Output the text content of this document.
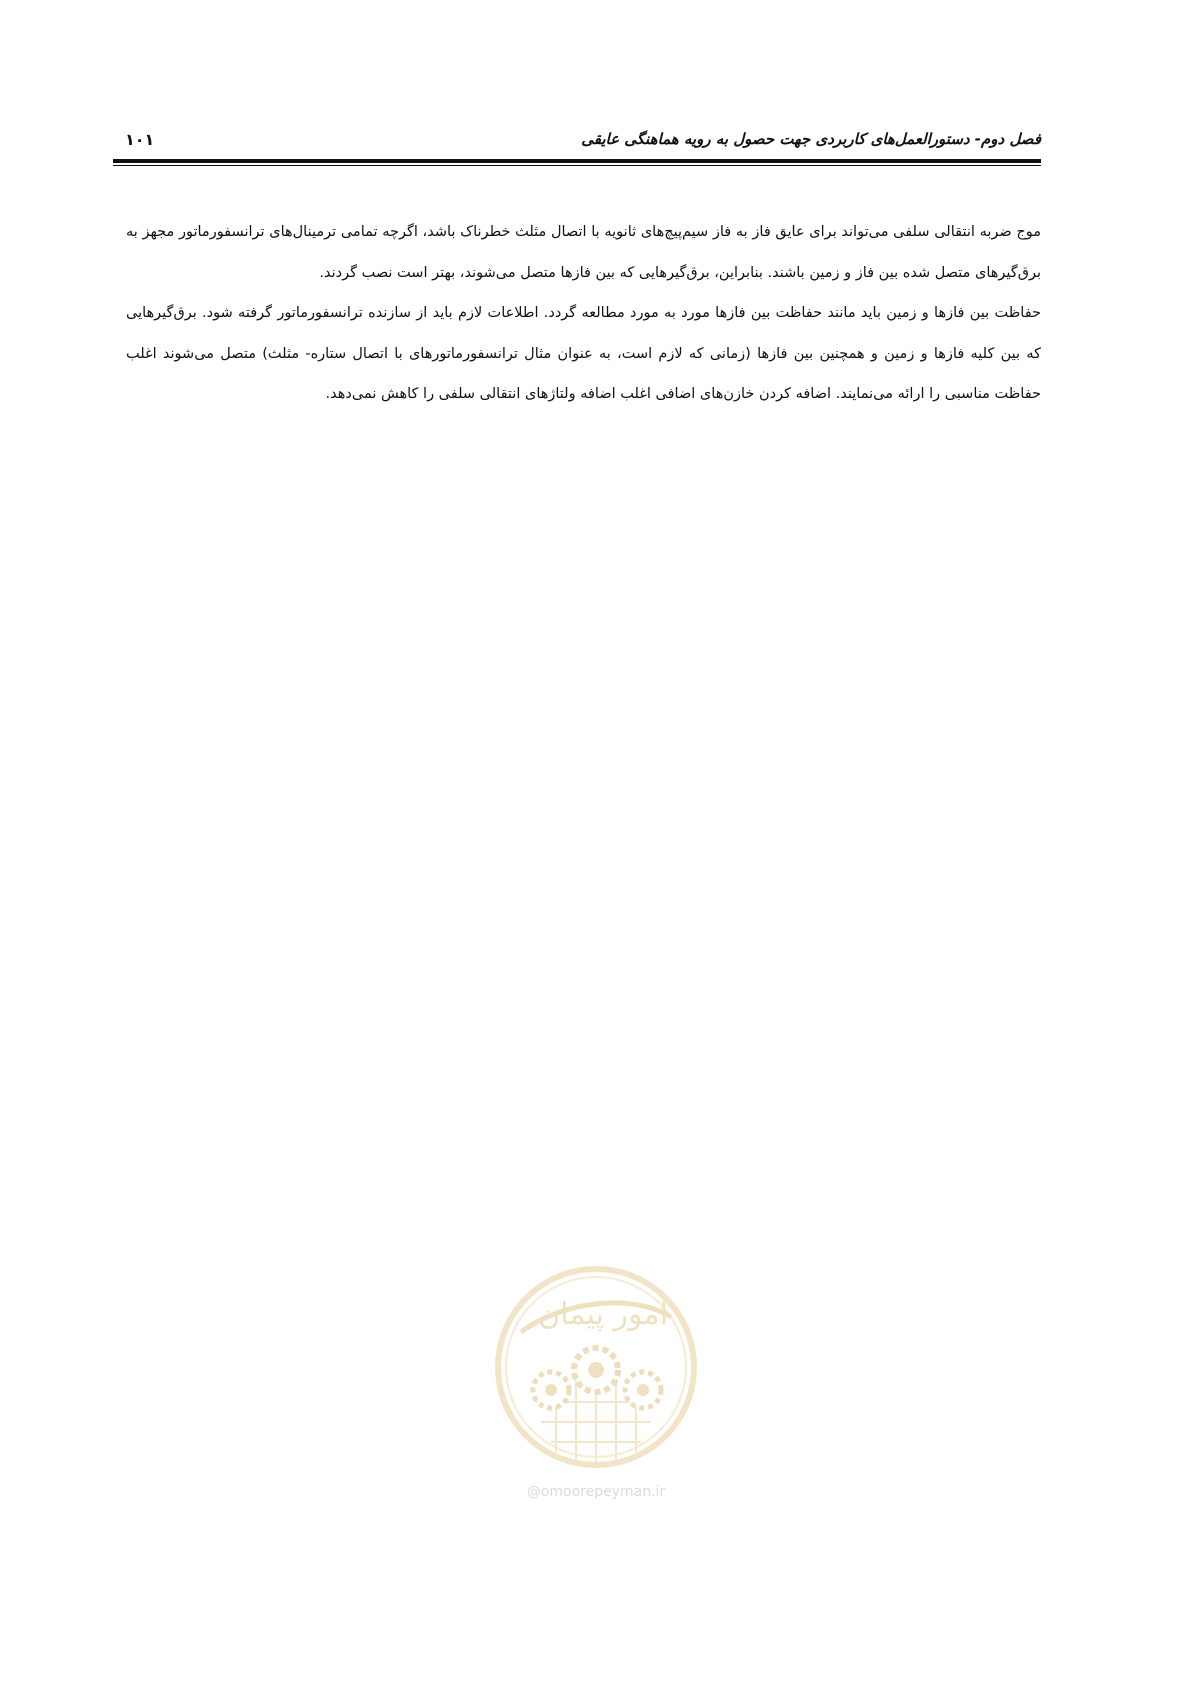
فصل دوم- دستورالعمل‌های کاربردی جهت حصول به رویه هماهنگی عایقی
۱۰۱

موج ضربه انتقالی سلفی می‌تواند برای عایق فاز به فاز سیم‌پیچ‌های ثانویه با اتصال مثلث خطرناک باشد، اگرچه تمامی ترمینال‌های ترانسفورماتور مجهز به برق‌گیرهای متصل شده بین فاز و زمین باشند. بنابراین، برق‌گیرهایی که بین فازها متصل می‌شوند، بهتر است نصب گردند.

حفاظت بین فازها و زمین باید مانند حفاظت بین فازها مورد به مورد مطالعه گردد. اطلاعات لازم باید از سازنده ترانسفورماتور گرفته شود. برق‌گیرهایی که بین کلیه فازها و زمین و همچنین بین فازها (زمانی که لازم است، به عنوان مثال ترانسفورماتورهای با اتصال ستاره- مثلث) متصل می‌شوند اغلب حفاظت مناسبی را ارائه می‌نمایند. اضافه کردن خازن‌های اضافی اغلب اضافه ولتاژهای انتقالی سلفی را کاهش نمی‌دهد.

امور پیمان
@omoorepeyman.ir
